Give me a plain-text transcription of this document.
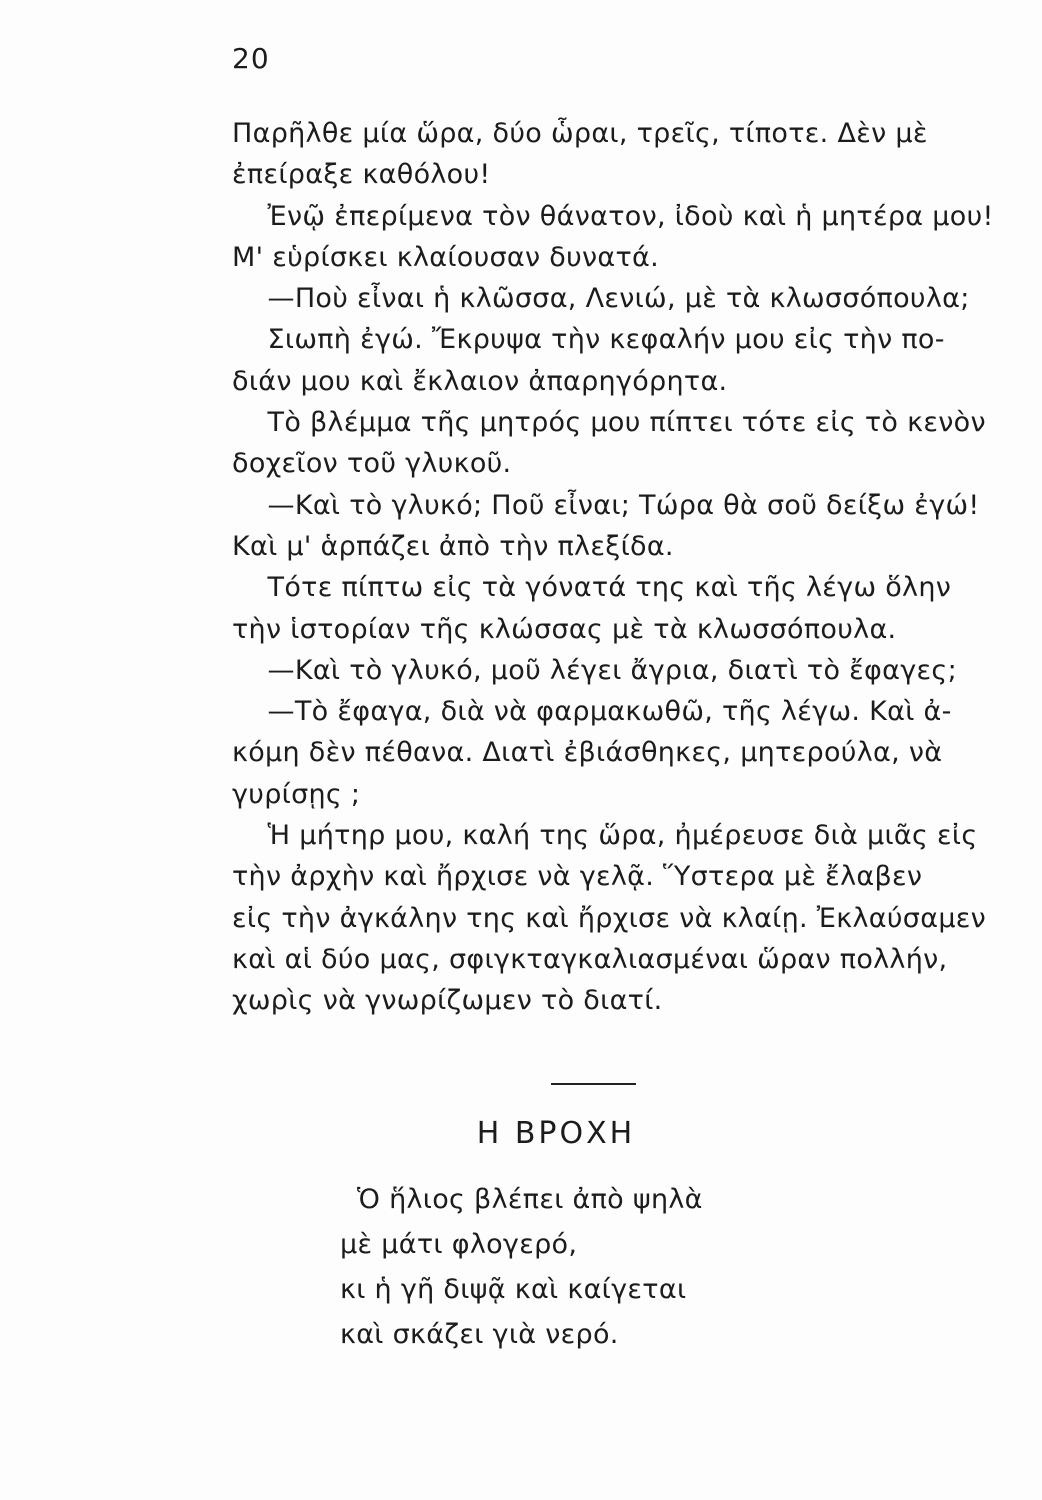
20
Παρῆλθε μία ὥρα, δύο ὧραι, τρεῖς, τίποτε. Δὲν μὲ
ἐπείραξε καθόλου!
Ἐνῷ ἐπερίμενα τὸν θάνατον, ἰδοὺ καὶ ἡ μητέρα μου!
Μ' εὑρίσκει κλαίουσαν δυνατά.
—Ποὺ εἶναι ἡ κλῶσσα, Λενιώ, μὲ τὰ κλωσσόπουλα;
Σιωπὴ ἐγώ. Ἔκρυψα τὴν κεφαλήν μου εἰς τὴν πο-
διάν μου καὶ ἔκλαιον ἀπαρηγόρητα.
Τὸ βλέμμα τῆς μητρός μου πίπτει τότε εἰς τὸ κενὸν
δοχεῖον τοῦ γλυκοῦ.
—Καὶ τὸ γλυκό; Ποῦ εἶναι; Τώρα θὰ σοῦ δείξω ἐγώ!
Καὶ μ' ἁρπάζει ἀπὸ τὴν πλεξίδα.
Τότε πίπτω εἰς τὰ γόνατά της καὶ τῆς λέγω ὅλην
τὴν ἱστορίαν τῆς κλώσσας μὲ τὰ κλωσσόπουλα.
—Καὶ τὸ γλυκό, μοῦ λέγει ἄγρια, διατὶ τὸ ἔφαγες;
—Τὸ ἔφαγα, διὰ νὰ φαρμακωθῶ, τῆς λέγω. Καὶ ἀ-
κόμη δὲν πέθανα. Διατὶ ἐβιάσθηκες, μητερούλα, νὰ
γυρίσῃς ;
Ἡ μήτηρ μου, καλή της ὥρα, ἠμέρευσε διὰ μιᾶς εἰς
τὴν ἀρχὴν καὶ ἤρχισε νὰ γελᾷ. Ὕστερα μὲ ἔλαβεν
εἰς τὴν ἀγκάλην της καὶ ἤρχισε νὰ κλαίῃ. Ἐκλαύσαμεν
καὶ αἱ δύο μας, σφιγκταγκαλιασμέναι ὥραν πολλήν,
χωρὶς νὰ γνωρίζωμεν τὸ διατί.
Η ΒΡΟΧΗ
Ὁ ἥλιος βλέπει ἀπὸ ψηλὰ
μὲ μάτι φλογερό,
κι ἡ γῆ διψᾷ καὶ καίγεται
καὶ σκάζει γιὰ νερό.
